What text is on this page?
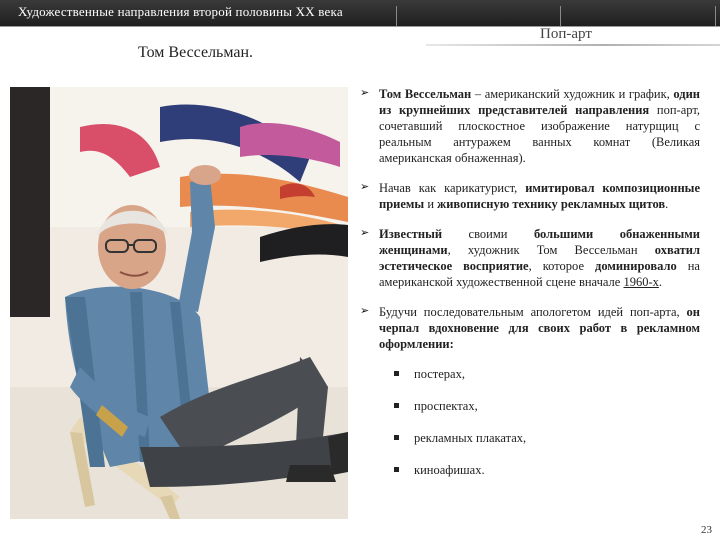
Художественные направления второй половины XX века
Поп-арт
Том Вессельман.
➢ Том Вессельман – американский художник и график, один из крупнейших представителей направления поп-арт, сочетавший плоскостное изображение натурщиц с реальным антуражем ванных комнат (Великая американская обнаженная).
➢ Начав как карикатурист, имитировал композиционные приемы и живописную технику рекламных щитов.
➢ Известный своими большими обнаженными женщинами, художник Том Вессельман охватил эстетическое восприятие, которое доминировало на американской художественной сцене вначале 1960-х.
➢ Будучи последовательным апологетом идей поп-арта, он черпал вдохновение для своих работ в рекламном оформлении:
постерах,
проспектах,
рекламных плакатах,
киноафишах.
23
